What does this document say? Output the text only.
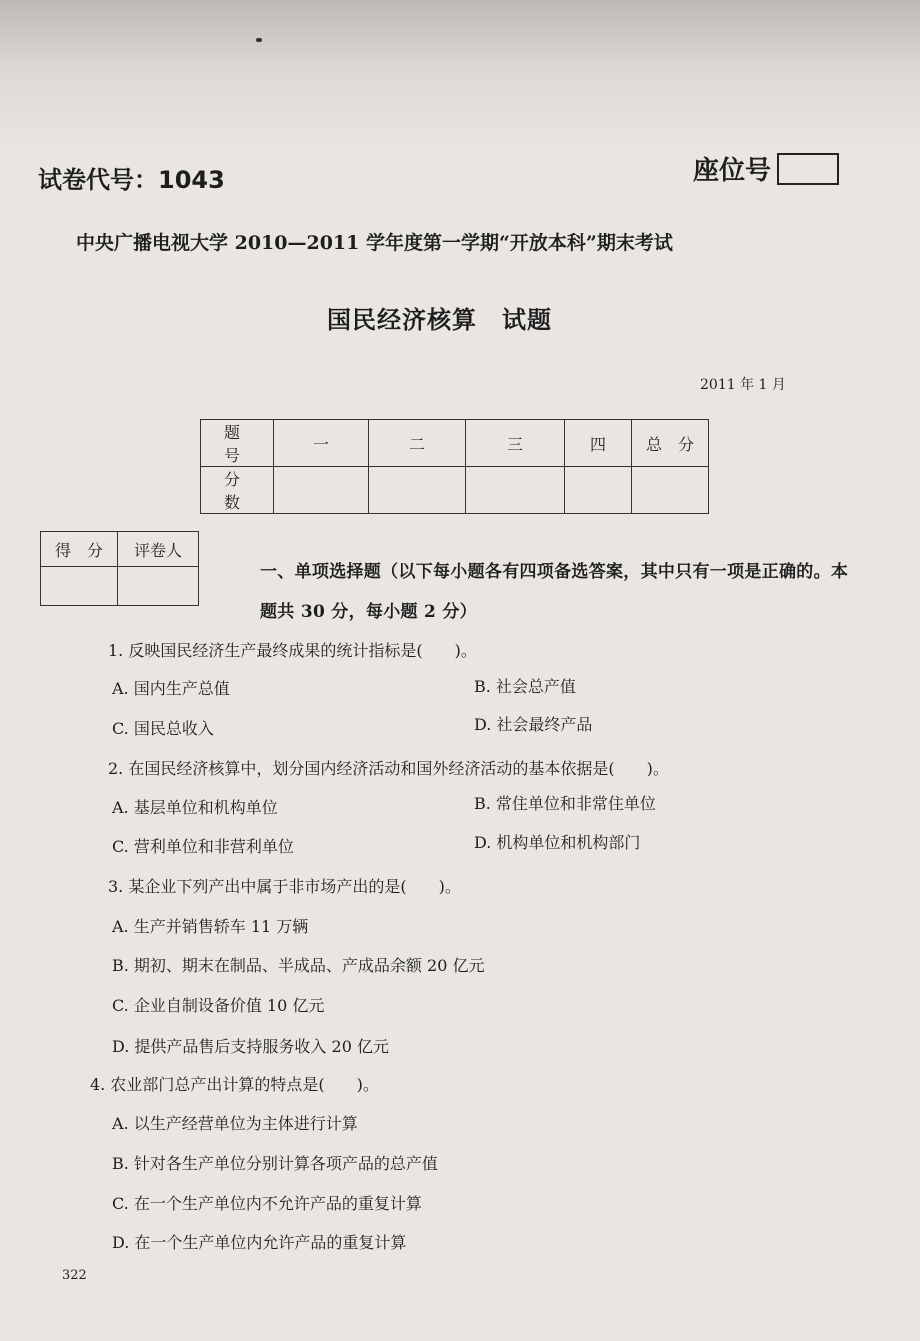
试卷代号：1043	座位号
中央广播电视大学 2010—2011 学年度第一学期“开放本科”期末考试
国民经济核算　试题
2011 年 1 月
题　号	一	二	三	四	总　分
分　数					
得　分	评卷人

一、单项选择题（以下每小题各有四项备选答案，其中只有一项是正确的。本题共 30 分，每小题 2 分）
1. 反映国民经济生产最终成果的统计指标是(　　)。
A. 国内生产总值	B. 社会总产值
C. 国民总收入	D. 社会最终产品
2. 在国民经济核算中，划分国内经济活动和国外经济活动的基本依据是(　　)。
A. 基层单位和机构单位	B. 常住单位和非常住单位
C. 营利单位和非营利单位	D. 机构单位和机构部门
3. 某企业下列产出中属于非市场产出的是(　　)。
A. 生产并销售轿车 11 万辆
B. 期初、期末在制品、半成品、产成品余额 20 亿元
C. 企业自制设备价值 10 亿元
D. 提供产品售后支持服务收入 20 亿元
4. 农业部门总产出计算的特点是(　　)。
A. 以生产经营单位为主体进行计算
B. 针对各生产单位分别计算各项产品的总产值
C. 在一个生产单位内不允许产品的重复计算
D. 在一个生产单位内允许产品的重复计算
322
